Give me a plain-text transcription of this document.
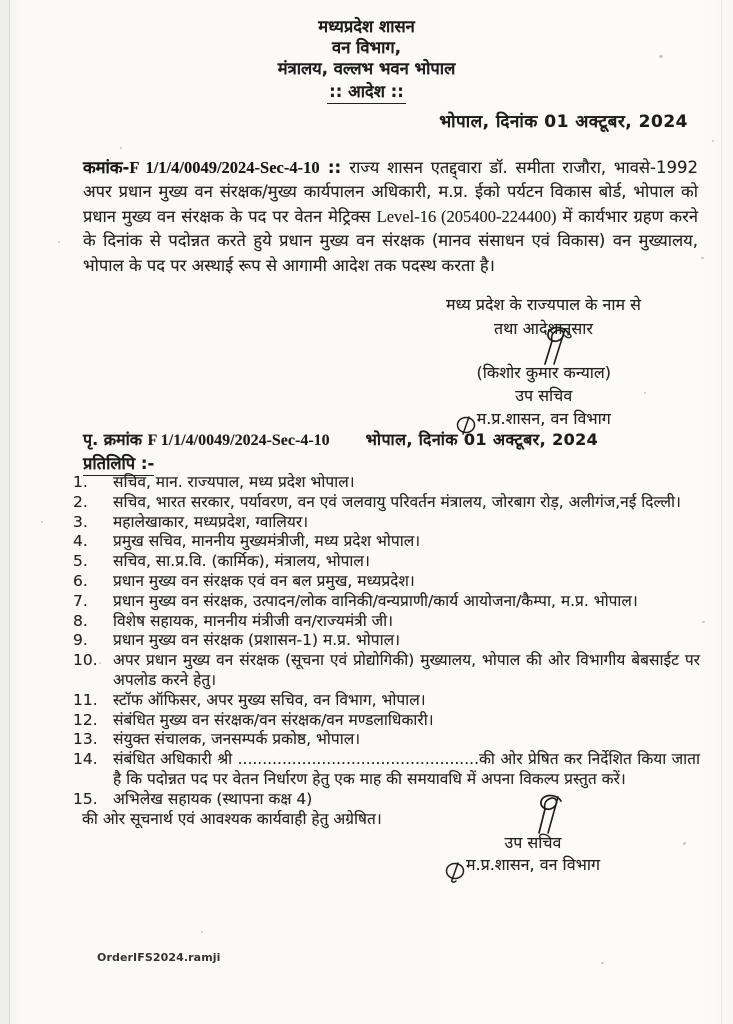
मध्यप्रदेश शासन
वन विभाग,
मंत्रालय, वल्लभ भवन भोपाल
:: आदेश ::
भोपाल, दिनांक 01 अक्टूबर, 2024

कमांक-F 1/1/4/0049/2024-Sec-4-10 :: राज्य शासन एतद्द्वारा डॉ. समीता राजौरा, भावसे-1992 अपर प्रधान मुख्य वन संरक्षक/मुख्य कार्यपालन अधिकारी, म.प्र. ईको पर्यटन विकास बोर्ड, भोपाल को प्रधान मुख्य वन संरक्षक के पद पर वेतन मेट्रिक्स Level-16 (205400-224400) में कार्यभार ग्रहण करने के दिनांक से पदोन्नत करते हुये प्रधान मुख्य वन संरक्षक (मानव संसाधन एवं विकास) वन मुख्यालय, भोपाल के पद पर अस्थाई रूप से आगामी आदेश तक पदस्थ करता है।

मध्य प्रदेश के राज्यपाल के नाम से
तथा आदेशानुसार
(किशोर कुमार कन्याल)
उप सचिव
म.प्र.शासन, वन विभाग
पृ. क्रमांक F 1/1/4/0049/2024-Sec-4-10 भोपाल, दिनांक 01 अक्टूबर, 2024
प्रतिलिपि :-
1.	सचिव, मान. राज्यपाल, मध्य प्रदेश भोपाल।
2.	सचिव, भारत सरकार, पर्यावरण, वन एवं जलवायु परिवर्तन मंत्रालय, जोरबाग रोड़, अलीगंज,नई दिल्ली।
3.	महालेखाकार, मध्यप्रदेश, ग्वालियर।
4.	प्रमुख सचिव, माननीय मुख्यमंत्रीजी, मध्य प्रदेश भोपाल।
5.	सचिव, सा.प्र.वि. (कार्मिक), मंत्रालय, भोपाल।
6.	प्रधान मुख्य वन संरक्षक एवं वन बल प्रमुख, मध्यप्रदेश।
7.	प्रधान मुख्य वन संरक्षक, उत्पादन/लोक वानिकी/वन्यप्राणी/कार्य आयोजना/कैम्पा, म.प्र. भोपाल।
8.	विशेष सहायक, माननीय मंत्रीजी वन/राज्यमंत्री जी।
9.	प्रधान मुख्य वन संरक्षक (प्रशासन-1) म.प्र. भोपाल।
10. अपर प्रधान मुख्य वन संरक्षक (सूचना एवं प्रोद्योगिकी) मुख्यालय, भोपाल की ओर विभागीय बेबसाईट पर अपलोड करने हेतु।
11. स्टॉफ ऑफिसर, अपर मुख्य सचिव, वन विभाग, भोपाल।
12. संबंधित मुख्य वन संरक्षक/वन संरक्षक/वन मण्डलाधिकारी।
13. संयुक्त संचालक, जनसम्पर्क प्रकोष्ठ, भोपाल।
14. संबंधित अधिकारी श्री .................................................की ओर प्रेषित कर निर्देशित किया जाता है कि पदोन्नत पद पर वेतन निर्धारण हेतु एक माह की समयावधि में अपना विकल्प प्रस्तुत करें।
15. अभिलेख सहायक (स्थापना कक्ष 4)
की ओर सूचनार्थ एवं आवश्यक कार्यवाही हेतु अग्रेषित।
उप सचिव
म.प्र.शासन, वन विभाग
OrderIFS2024.ramji
